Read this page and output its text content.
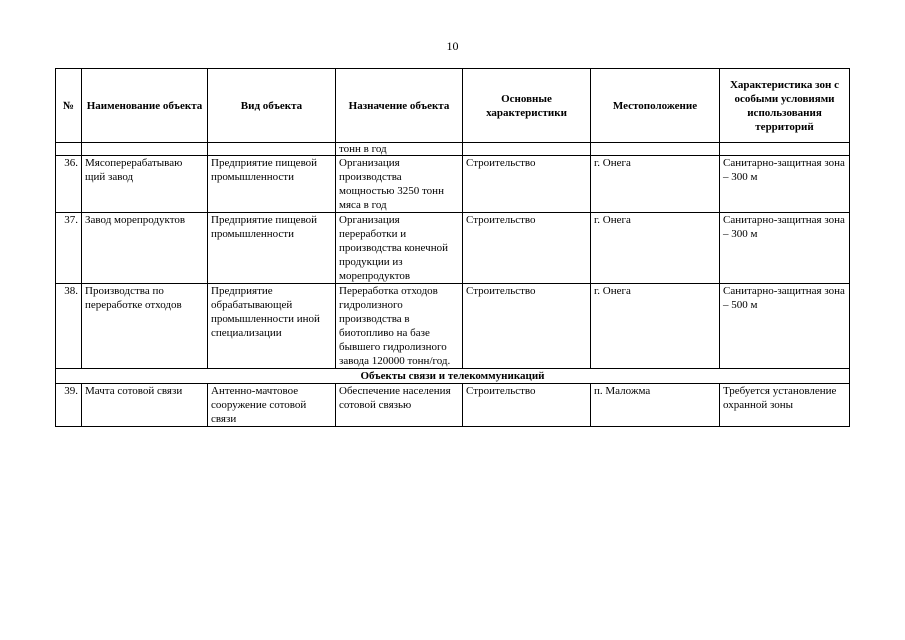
10
№	Наименование объекта	Вид объекта	Назначение объекта	Основные характеристики	Местоположение	Характеристика зон с особыми условиями использования территорий
			тонн в год			
36.	Мясоперерабатываю щий завод	Предприятие пищевой промышленности	Организация производства мощностью 3250 тонн мяса в год	Строительство	г. Онега	Санитарно-защитная зона – 300 м
37.	Завод морепродуктов	Предприятие пищевой промышленности	Организация переработки и производства конечной продукции из морепродуктов	Строительство	г. Онега	Санитарно-защитная зона – 300 м
38.	Производства по переработке отходов	Предприятие обрабатывающей промышленности иной специализации	Переработка отходов гидролизного производства в биотопливо на базе бывшего гидролизного завода 120000 тонн/год.	Строительство	г. Онега	Санитарно-защитная зона – 500 м
Объекты связи и телекоммуникаций						
39.	Мачта сотовой связи	Антенно-мачтовое сооружение сотовой связи	Обеспечение населения сотовой связью	Строительство	п. Маложма	Требуется установление охранной зоны
